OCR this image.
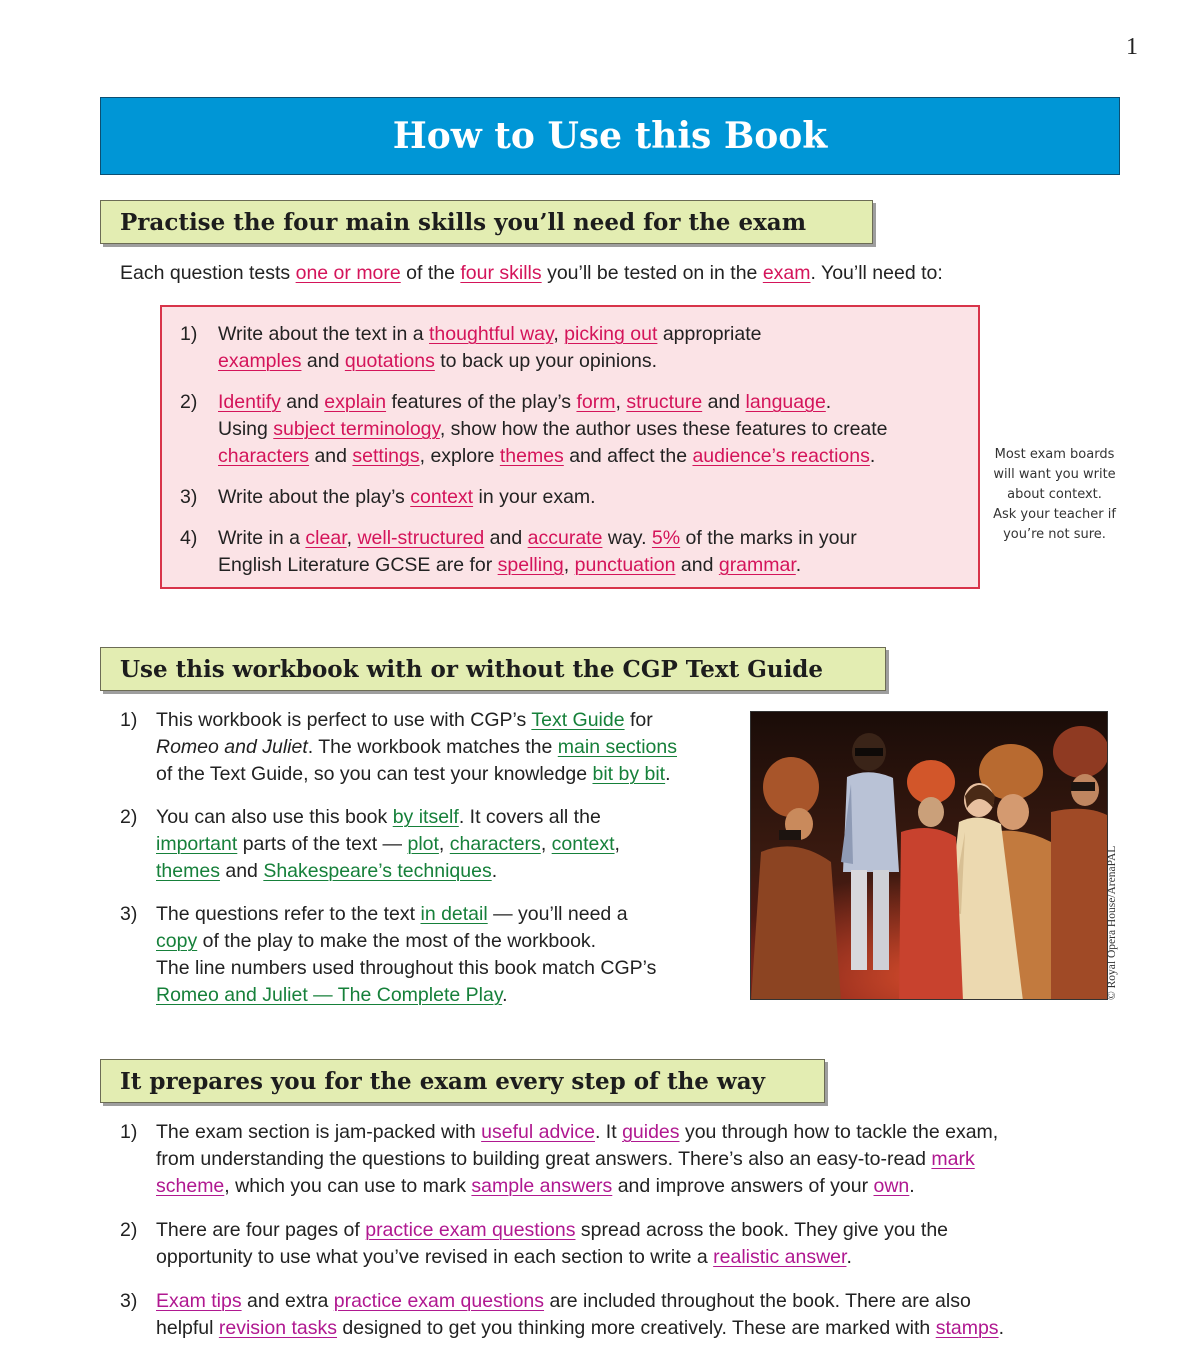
1
How to Use this Book
Practise the four main skills you’ll need for the exam
Each question tests one or more of the four skills you’ll be tested on in the exam. You’ll need to:
1) Write about the text in a thoughtful way, picking out appropriate
examples and quotations to back up your opinions.
2) Identify and explain features of the play’s form, structure and language.
Using subject terminology, show how the author uses these features to create
characters and settings, explore themes and affect the audience’s reactions.
3) Write about the play’s context in your exam.
4) Write in a clear, well-structured and accurate way. 5% of the marks in your
English Literature GCSE are for spelling, punctuation and grammar.
Most exam boards
will want you write
about context.
Ask your teacher if
you’re not sure.
Use this workbook with or without the CGP Text Guide
1) This workbook is perfect to use with CGP’s Text Guide for
Romeo and Juliet. The workbook matches the main sections
of the Text Guide, so you can test your knowledge bit by bit.
2) You can also use this book by itself. It covers all the
important parts of the text — plot, characters, context,
themes and Shakespeare’s techniques.
3) The questions refer to the text in detail — you’ll need a
copy of the play to make the most of the workbook.
The line numbers used throughout this book match CGP’s
Romeo and Juliet — The Complete Play.	© Royal Opera House/ArenaPAL
It prepares you for the exam every step of the way
1) The exam section is jam-packed with useful advice. It guides you through how to tackle the exam,
from understanding the questions to building great answers. There’s also an easy-to-read mark
scheme, which you can use to mark sample answers and improve answers of your own.
2) There are four pages of practice exam questions spread across the book. They give you the
opportunity to use what you’ve revised in each section to write a realistic answer.
3) Exam tips and extra practice exam questions are included throughout the book. There are also
helpful revision tasks designed to get you thinking more creatively. These are marked with stamps.
